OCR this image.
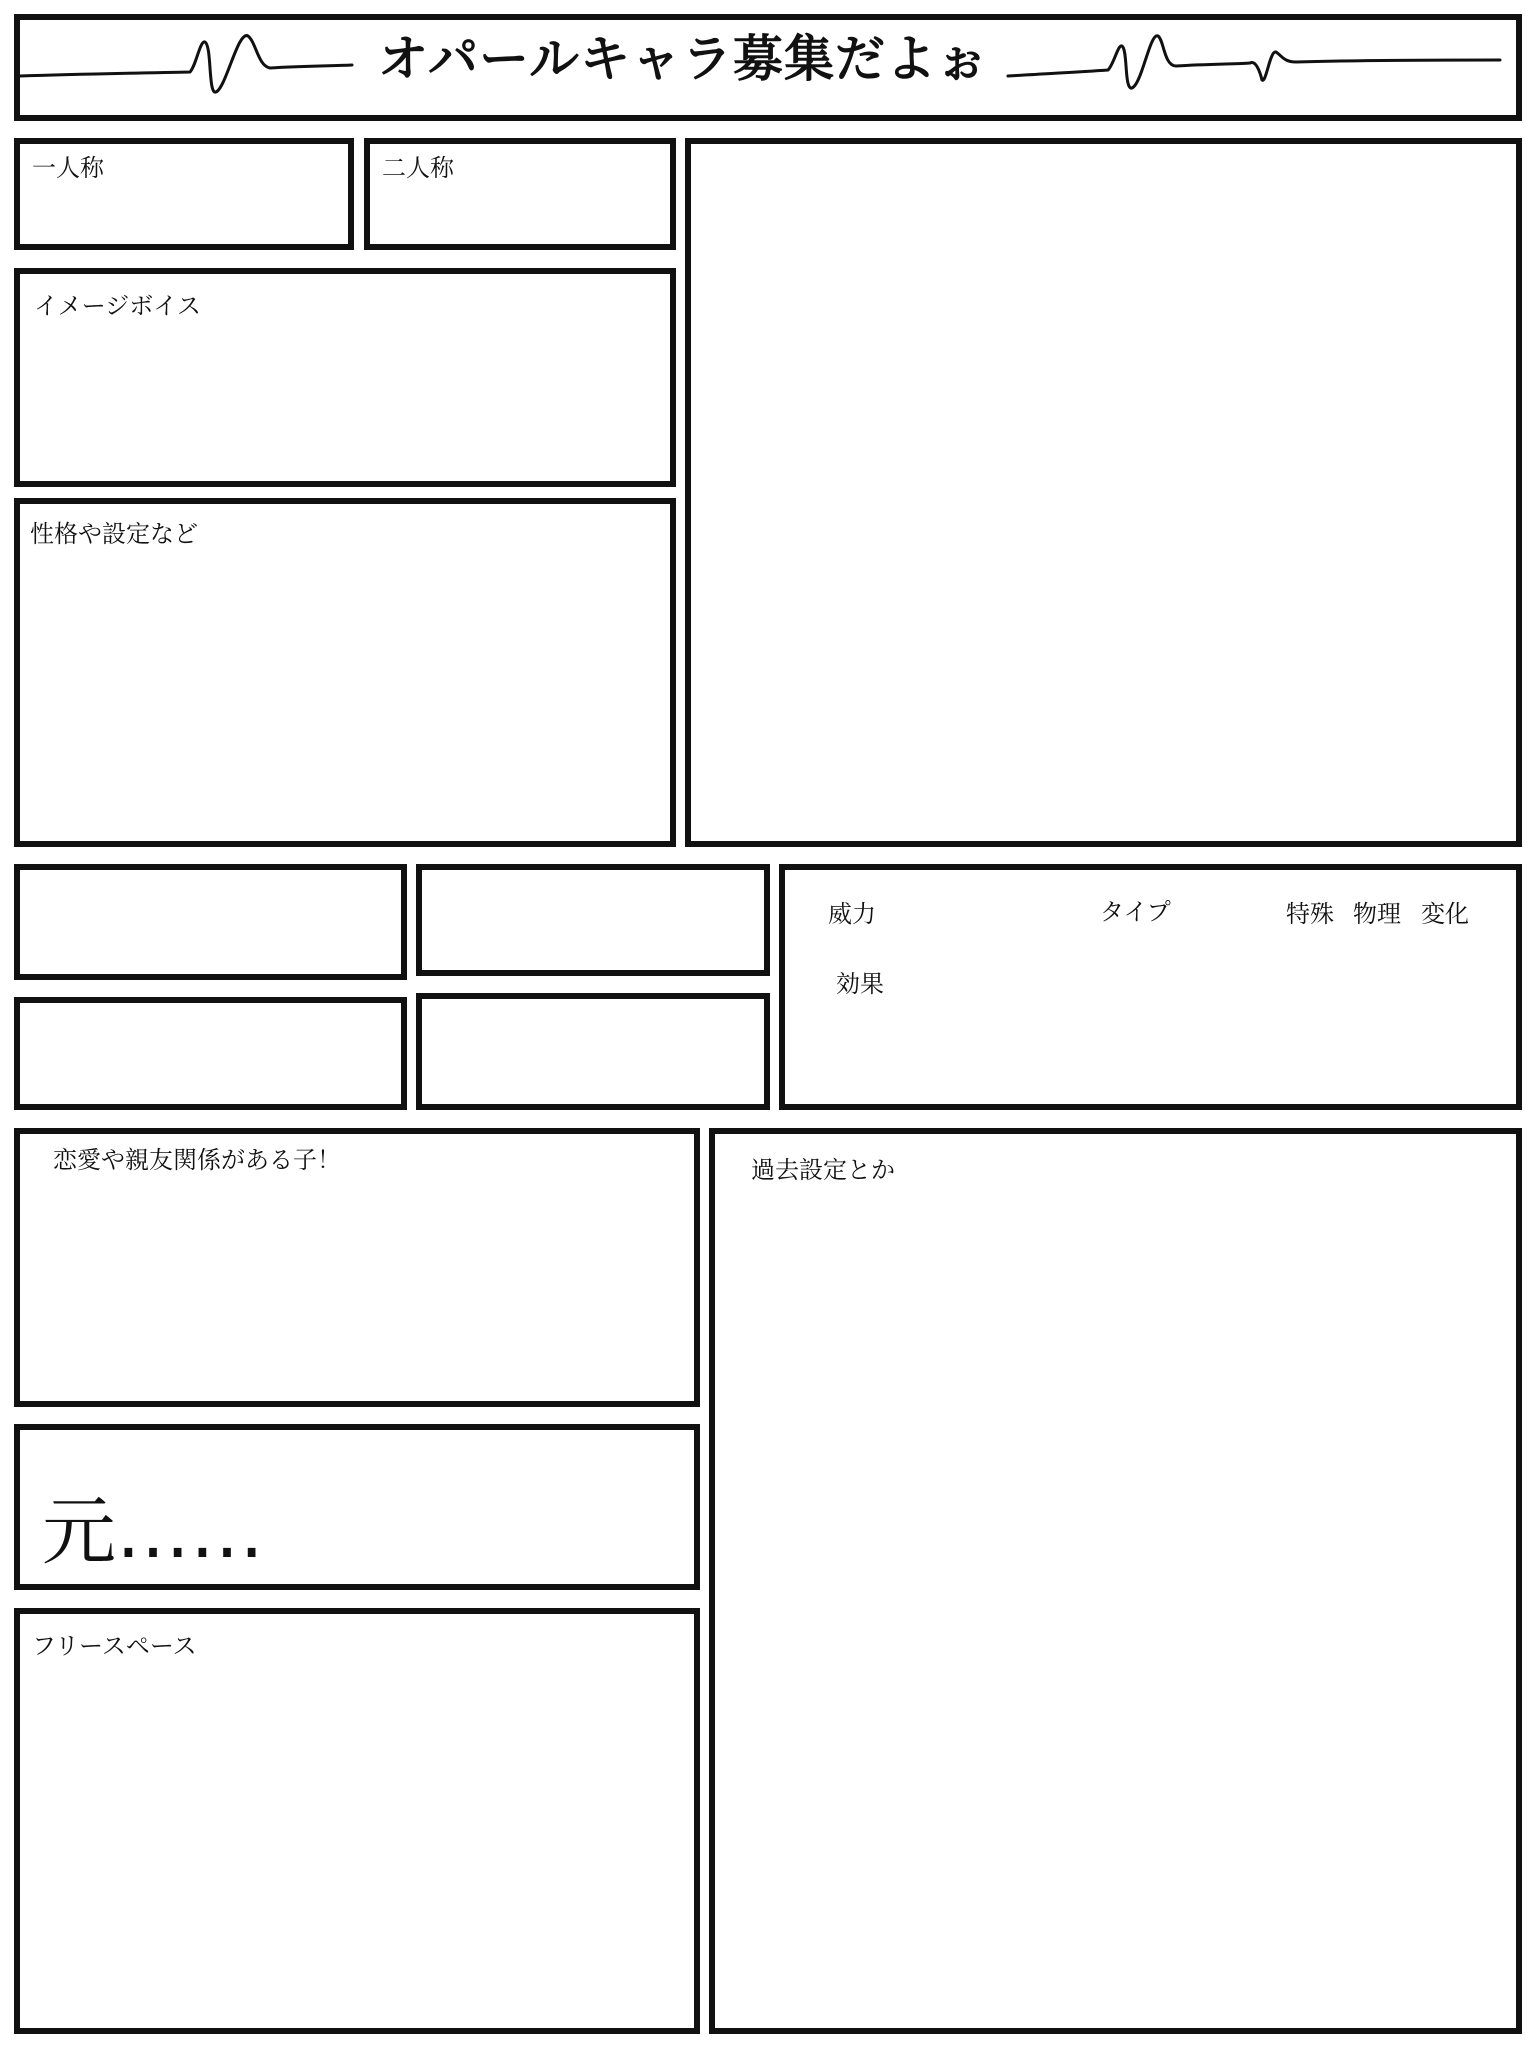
オパールキャラ募集だよぉ
一人称	二人称
イメージボイス
性格や設定など
威力	タイプ	特殊 物理 変化
効果
恋愛や親友関係がある子！	過去設定とか
元……
フリースペース
